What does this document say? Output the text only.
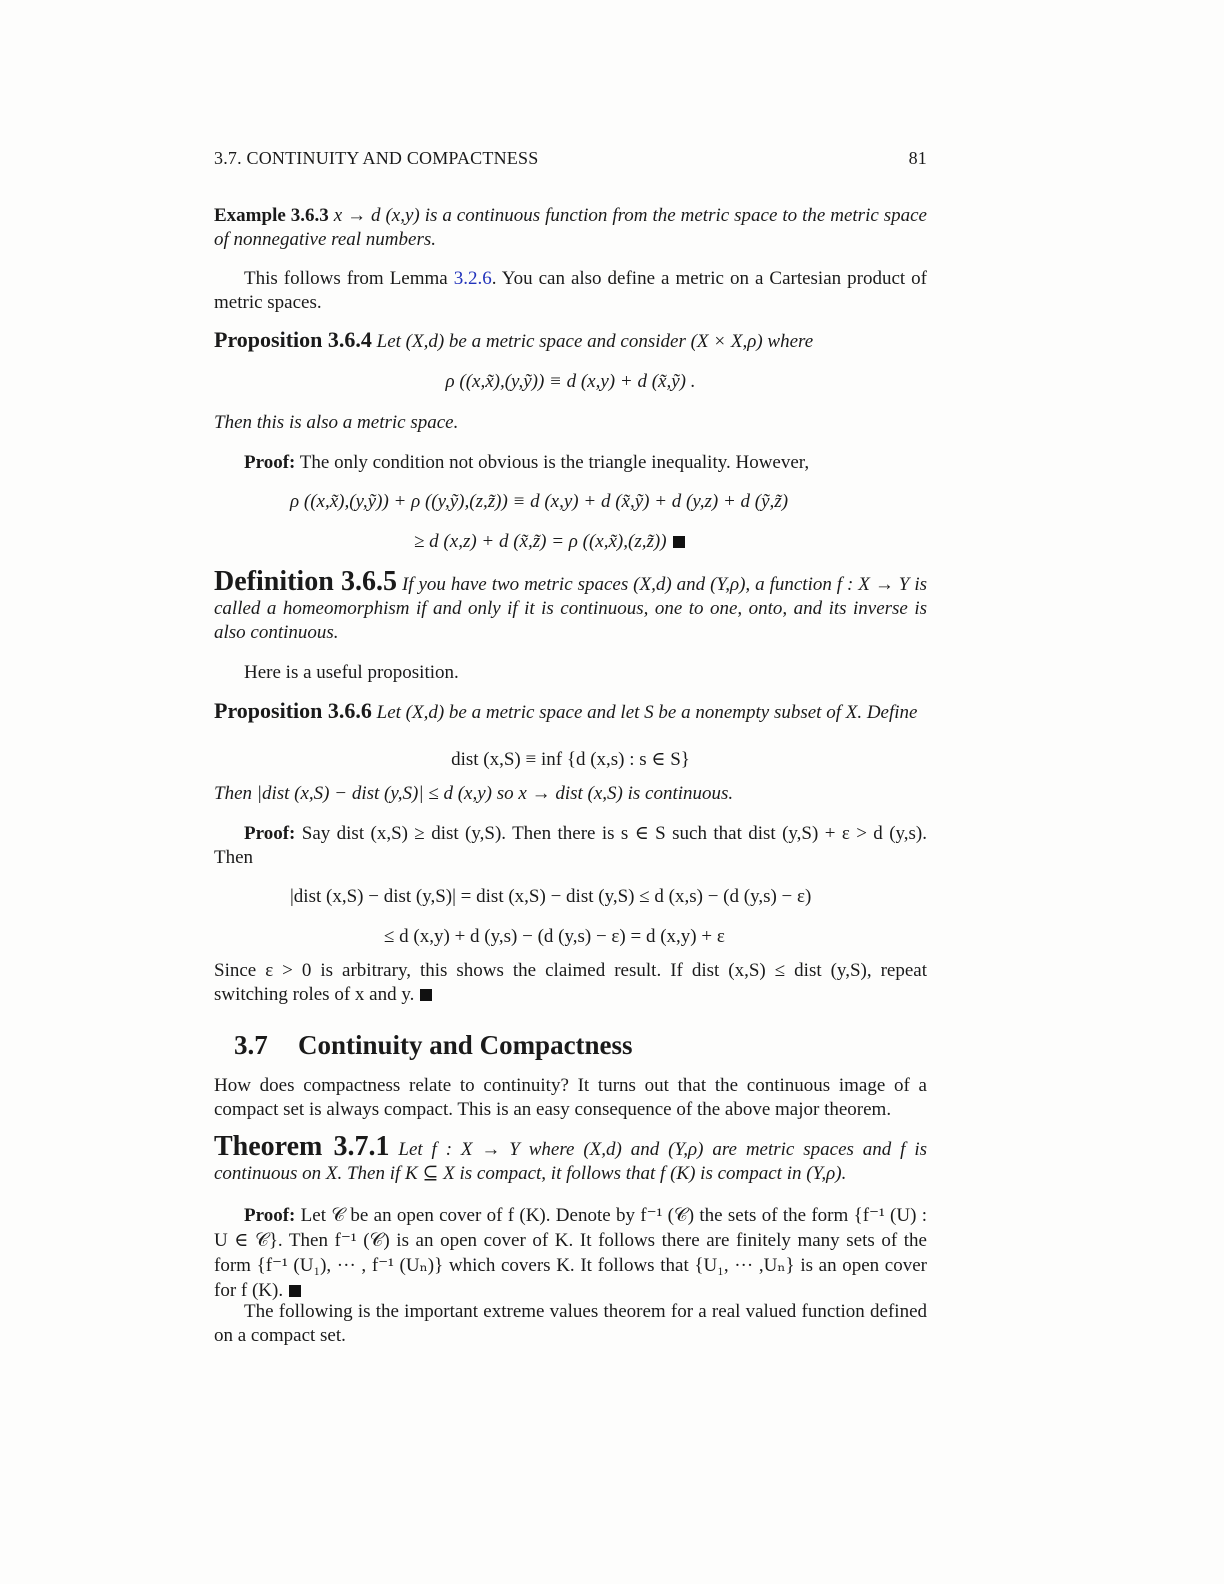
3.7. CONTINUITY AND COMPACTNESS	81
Example 3.6.3 x → d (x,y) is a continuous function from the metric space to the metric space of nonnegative real numbers.
This follows from Lemma 3.2.6. You can also define a metric on a Cartesian product of metric spaces.
Proposition 3.6.4 Let (X,d) be a metric space and consider (X × X,ρ) where
ρ ((x,x̃),(y,ỹ)) ≡ d (x,y) + d (x̃,ỹ) .
Then this is also a metric space.
Proof: The only condition not obvious is the triangle inequality. However,
ρ ((x,x̃),(y,ỹ)) + ρ ((y,ỹ),(z,z̃)) ≡ d (x,y) + d (x̃,ỹ) + d (y,z) + d (ỹ,z̃)
≥ d (x,z) + d (x̃,z̃) = ρ ((x,x̃),(z,z̃))
Definition 3.6.5 If you have two metric spaces (X,d) and (Y,ρ), a function f : X → Y is called a homeomorphism if and only if it is continuous, one to one, onto, and its inverse is also continuous.
Here is a useful proposition.
Proposition 3.6.6 Let (X,d) be a metric space and let S be a nonempty subset of X. Define
dist (x,S) ≡ inf {d (x,s) : s ∈ S}
Then |dist (x,S) − dist (y,S)| ≤ d (x,y) so x → dist (x,S) is continuous.
Proof: Say dist (x,S) ≥ dist (y,S). Then there is s ∈ S such that dist (y,S) + ε > d (y,s). Then
|dist (x,S) − dist (y,S)| = dist (x,S) − dist (y,S) ≤ d (x,s) − (d (y,s) − ε)
≤ d (x,y) + d (y,s) − (d (y,s) − ε) = d (x,y) + ε
Since ε > 0 is arbitrary, this shows the claimed result. If dist (x,S) ≤ dist (y,S), repeat switching roles of x and y.
3.7 Continuity and Compactness
How does compactness relate to continuity? It turns out that the continuous image of a compact set is always compact. This is an easy consequence of the above major theorem.
Theorem 3.7.1 Let f : X → Y where (X,d) and (Y,ρ) are metric spaces and f is continuous on X. Then if K ⊆ X is compact, it follows that f (K) is compact in (Y,ρ).
Proof: Let 𝒞 be an open cover of f (K). Denote by f⁻¹ (𝒞) the sets of the form {f⁻¹ (U) : U ∈ 𝒞}. Then f⁻¹ (𝒞) is an open cover of K. It follows there are finitely many sets of the form {f⁻¹ (U₁), ··· , f⁻¹ (Uₙ)} which covers K. It follows that {U₁, ··· ,Uₙ} is an open cover for f (K).
The following is the important extreme values theorem for a real valued function defined on a compact set.
